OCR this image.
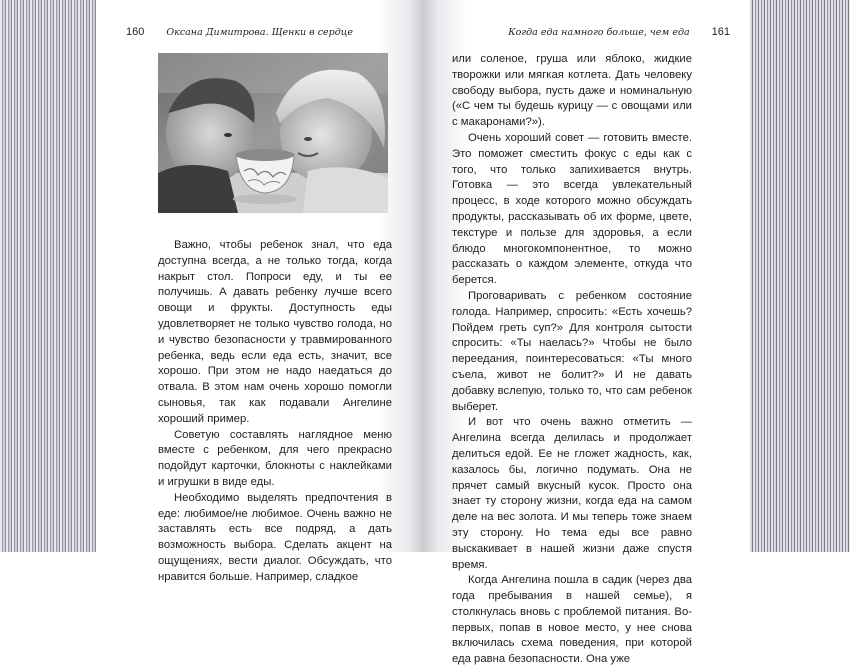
160 Оксана Димитрова. Щенки в сердце

Важно, чтобы ребенок знал, что еда доступна всегда, а не только тогда, когда накрыт стол. Попроси еду, и ты ее получишь. А давать ребенку лучше всего овощи и фрукты. Доступность еды удовлетворяет не только чувство голода, но и чувство безопасности у травмированного ребенка, ведь если еда есть, значит, все хорошо. При этом не надо наедаться до отвала. В этом нам очень хорошо помогли сыновья, так как подавали Ангелине хороший пример.

Советую составлять наглядное меню вместе с ребенком, для чего прекрасно подойдут карточки, блокноты с наклейками и игрушки в виде еды.

Необходимо выделять предпочтения в еде: любимое/не любимое. Очень важно не заставлять есть все подряд, а дать возможность выбора. Сделать акцент на ощущениях, вести диалог. Обсуждать, что нравится больше. Например, сладкое

Когда еда намного больше, чем еда 161

или соленое, груша или яблоко, жидкие творожки или мягкая котлета. Дать человеку свободу выбора, пусть даже и номинальную («С чем ты будешь курицу — с овощами или с макаронами?»).

Очень хороший совет — готовить вместе. Это поможет сместить фокус с еды как с того, что только запихивается внутрь. Готовка — это всегда увлекательный процесс, в ходе которого можно обсуждать продукты, рассказывать об их форме, цвете, текстуре и пользе для здоровья, а если блюдо многокомпонентное, то можно рассказать о каждом элементе, откуда что берется.

Проговаривать с ребенком состояние голода. Например, спросить: «Есть хочешь? Пойдем греть суп?» Для контроля сытости спросить: «Ты наелась?» Чтобы не было переедания, поинтересоваться: «Ты много съела, живот не болит?» И не давать добавку вслепую, только то, что сам ребенок выберет.

И вот что очень важно отметить — Ангелина всегда делилась и продолжает делиться едой. Ее не гложет жадность, как, казалось бы, логично подумать. Она не прячет самый вкусный кусок. Просто она знает ту сторону жизни, когда еда на самом деле на вес золота. И мы теперь тоже знаем эту сторону. Но тема еды все равно выскакивает в нашей жизни даже спустя время.

Когда Ангелина пошла в садик (через два года пребывания в нашей семье), я столкнулась вновь с проблемой питания. Во-первых, попав в новое место, у нее снова включилась схема поведения, при которой еда равна безопасности. Она уже
